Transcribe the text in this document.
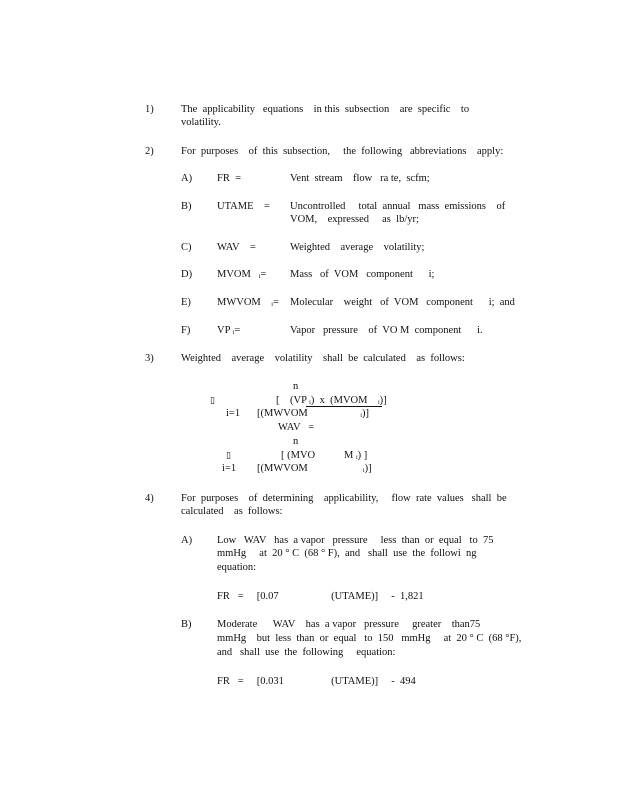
1)	The  applicability   equations    in this  subsection    are  specific    to
volatility.
2)	For  purposes    of  this  subsection,     the  following   abbreviations    apply:
A) FR  =	Vent  stream    flow   ra te,  scfm;
B) UTAME    = Uncontrolled     total  annual   mass  emissions    of
VOM,    expressed     as  lb/yr;
C) WAV    =	Weighted    average    volatility;
D) MVOM   ᵢ= Mass   of  VOM   component      i;
E) MWVOM    ᵢ= Molecular    weight   of  VOM   component      i;  and
F)	VP ᵢ=	Vapor   pressure    of  VO M  component      i.
3)	Weighted    average    volatility    shall  be  calculated    as  follows:
n
▯	[    (VP ᵢ)  x  (MVOM    ᵢ)]
i=1 [(MWVOM                    ᵢ)]
WAV   =
n
▯	[ (MVO           M ᵢ) ]
i=1 [(MWVOM                     ᵢ)]
4)	For  purposes    of  determining    applicability,     flow  rate  values   shall  be
calculated    as  follows:
A) Low   WAV   has  a vapor   pressure     less  than  or  equal   to  75
mmHg     at  20 ° C  (68 ° F),  and   shall  use  the  followi  ng
equation:
FR   =     [0.07                    (UTAME)]     -  1,821
B) Moderate      WAV    has  a vapor   pressure     greater    than75
mmHg    but  less  than  or  equal   to  150   mmHg     at  20 ° C  (68 °F),
and   shall  use  the  following     equation:
FR   =     [0.031                  (UTAME)]     -  494
